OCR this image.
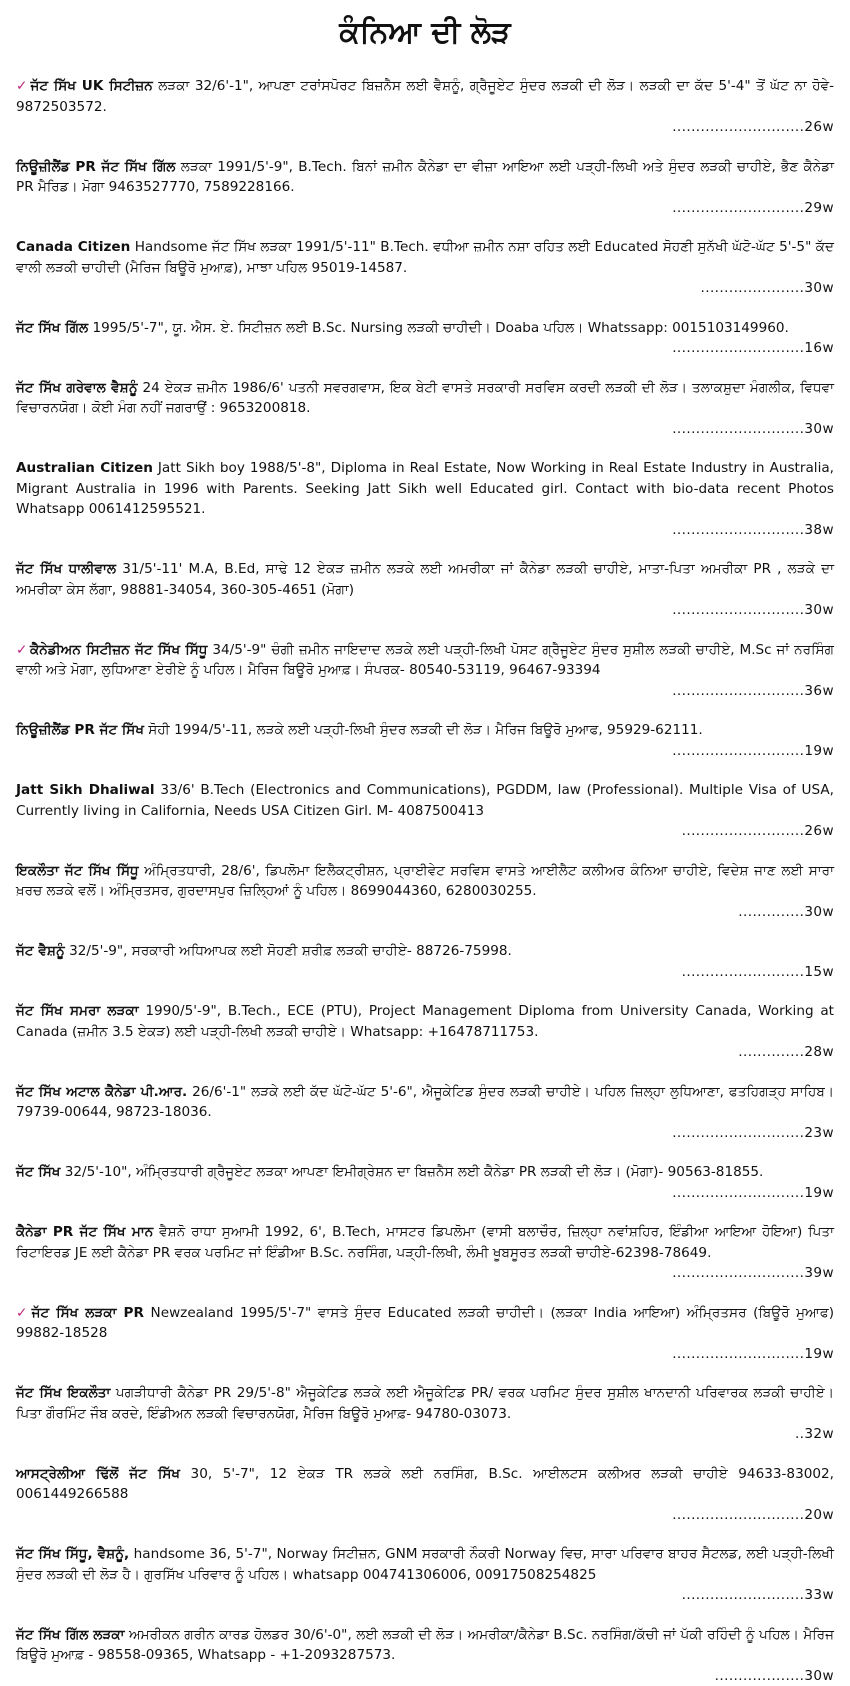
ਕੰਨਿਆ ਦੀ ਲੋੜ
✓ ਜੱਟ ਸਿੱਖ UK ਸਿਟੀਜ਼ਨ ਲੜਕਾ 32/6'-1", ਆਪਣਾ ਟਰਾਂਸਪੋਰਟ ਬਿਜ਼ਨੈਸ ਲਈ ਵੈਸ਼ਨੂੰ, ਗ੍ਰੈਜੂਏਟ ਸੁੰਦਰ ਲੜਕੀ ਦੀ ਲੋੜ। ਲੜਕੀ ਦਾ ਕੱਦ 5'-4" ਤੋਂ ਘੱਟ ਨਾ ਹੋਵੇ- 9872503572.
............................26w
ਨਿਊਜ਼ੀਲੈਂਡ PR ਜੱਟ ਸਿੱਖ ਗਿੱਲ ਲੜਕਾ 1991/5'-9", B.Tech. ਬਿਨਾਂ ਜ਼ਮੀਨ ਕੈਨੇਡਾ ਦਾ ਵੀਜ਼ਾ ਆਇਆ ਲਈ ਪੜ੍ਹੀ-ਲਿਖੀ ਅਤੇ ਸੁੰਦਰ ਲੜਕੀ ਚਾਹੀਏ, ਭੈਣ ਕੈਨੇਡਾ PR ਮੈਰਿਡ। ਮੋਗਾ 9463527770, 7589228166.
............................29w
Canada Citizen Handsome ਜੱਟ ਸਿੱਖ ਲੜਕਾ 1991/5'-11" B.Tech. ਵਧੀਆ ਜ਼ਮੀਨ ਨਸ਼ਾ ਰਹਿਤ ਲਈ Educated ਸੋਹਣੀ ਸੁਨੱਖੀ ਘੱਟੋ-ਘੱਟ 5'-5" ਕੱਦ ਵਾਲੀ ਲੜਕੀ ਚਾਹੀਦੀ (ਮੈਰਿਜ ਬਿਊਰੋ ਮੁਆਫ਼), ਮਾਝਾ ਪਹਿਲ 95019-14587.
......................30w
ਜੱਟ ਸਿੱਖ ਗਿੱਲ 1995/5'-7", ਯੂ. ਐਸ. ਏ. ਸਿਟੀਜ਼ਨ ਲਈ B.Sc. Nursing ਲੜਕੀ ਚਾਹੀਦੀ। Doaba ਪਹਿਲ। Whatssapp: 0015103149960.
............................16w
ਜੱਟ ਸਿੱਖ ਗਰੇਵਾਲ ਵੈਸ਼ਨੂੰ 24 ਏਕੜ ਜ਼ਮੀਨ 1986/6' ਪਤਨੀ ਸਵਰਗਵਾਸ, ਇਕ ਬੇਟੀ ਵਾਸਤੇ ਸਰਕਾਰੀ ਸਰਵਿਸ ਕਰਦੀ ਲੜਕੀ ਦੀ ਲੋੜ। ਤਲਾਕਸ਼ੁਦਾ ਮੰਗਲੀਕ, ਵਿਧਵਾ ਵਿਚਾਰਨਯੋਗ। ਕੋਈ ਮੰਗ ਨਹੀਂ ਜਗਰਾਉਂ : 9653200818.
............................30w
Australian Citizen Jatt Sikh boy 1988/5'-8", Diploma in Real Estate, Now Working in Real Estate Industry in Australia, Migrant Australia in 1996 with Parents. Seeking Jatt Sikh well Educated girl. Contact with bio-data recent Photos Whatsapp 0061412595521.
............................38w
ਜੱਟ ਸਿੱਖ ਧਾਲੀਵਾਲ 31/5'-11' M.A, B.Ed, ਸਾਢੇ 12 ਏਕੜ ਜ਼ਮੀਨ ਲੜਕੇ ਲਈ ਅਮਰੀਕਾ ਜਾਂ ਕੈਨੇਡਾ ਲੜਕੀ ਚਾਹੀਏ, ਮਾਤਾ-ਪਿਤਾ ਅਮਰੀਕਾ PR , ਲੜਕੇ ਦਾ ਅਮਰੀਕਾ ਕੇਸ ਲੱਗਾ, 98881-34054, 360-305-4651 (ਮੋਗਾ)
............................30w
✓ ਕੈਨੇਡੀਅਨ ਸਿਟੀਜ਼ਨ ਜੱਟ ਸਿੱਖ ਸਿੱਧੂ 34/5'-9" ਚੰਗੀ ਜ਼ਮੀਨ ਜਾਇਦਾਦ ਲੜਕੇ ਲਈ ਪੜ੍ਹੀ-ਲਿਖੀ ਪੋਸਟ ਗ੍ਰੈਜੂਏਟ ਸੁੰਦਰ ਸੁਸ਼ੀਲ ਲੜਕੀ ਚਾਹੀਏ, M.Sc ਜਾਂ ਨਰਸਿੰਗ ਵਾਲੀ ਅਤੇ ਮੋਗਾ, ਲੁਧਿਆਣਾ ਏਰੀਏ ਨੂੰ ਪਹਿਲ। ਮੈਰਿਜ ਬਿਊਰੋ ਮੁਆਫ਼। ਸੰਪਰਕ- 80540-53119, 96467-93394
............................36w
ਨਿਊਜ਼ੀਲੈਂਡ PR ਜੱਟ ਸਿੱਖ ਸੋਹੀ 1994/5'-11, ਲੜਕੇ ਲਈ ਪੜ੍ਹੀ-ਲਿਖੀ ਸੁੰਦਰ ਲੜਕੀ ਦੀ ਲੋੜ। ਮੈਰਿਜ ਬਿਊਰੋ ਮੁਆਫ, 95929-62111.
............................19w
Jatt Sikh Dhaliwal 33/6' B.Tech (Electronics and Communications), PGDDM, law (Professional). Multiple Visa of USA, Currently living in California, Needs USA Citizen Girl. M- 4087500413
..........................26w
ਇਕਲੌਤਾ ਜੱਟ ਸਿੱਖ ਸਿੱਧੂ ਅੰਮ੍ਰਿਤਧਾਰੀ, 28/6', ਡਿਪਲੋਮਾ ਇਲੈਕਟ੍ਰੀਸ਼ਨ, ਪ੍ਰਾਈਵੇਟ ਸਰਵਿਸ ਵਾਸਤੇ ਆਈਲੈਟ ਕਲੀਅਰ ਕੰਨਿਆ ਚਾਹੀਏ, ਵਿਦੇਸ਼ ਜਾਣ ਲਈ ਸਾਰਾ ਖ਼ਰਚ ਲੜਕੇ ਵਲੋਂ। ਅੰਮ੍ਰਿਤਸਰ, ਗੁਰਦਾਸਪੁਰ ਜ਼ਿਲ੍ਹਿਆਂ ਨੂੰ ਪਹਿਲ। 8699044360, 6280030255.
..............30w
ਜੱਟ ਵੈਸ਼ਨੂੰ 32/5'-9", ਸਰਕਾਰੀ ਅਧਿਆਪਕ ਲਈ ਸੋਹਣੀ ਸ਼ਰੀਫ਼ ਲੜਕੀ ਚਾਹੀਏ- 88726-75998.
..........................15w
ਜੱਟ ਸਿੱਖ ਸਮਰਾ ਲੜਕਾ 1990/5'-9", B.Tech., ECE (PTU), Project Management Diploma from University Canada, Working at Canada (ਜ਼ਮੀਨ 3.5 ਏਕੜ) ਲਈ ਪੜ੍ਹੀ-ਲਿਖੀ ਲੜਕੀ ਚਾਹੀਏ। Whatsapp: +16478711753.
..............28w
ਜੱਟ ਸਿੱਖ ਅਟਾਲ ਕੈਨੇਡਾ ਪੀ.ਆਰ. 26/6'-1" ਲੜਕੇ ਲਈ ਕੱਦ ਘੱਟੋ-ਘੱਟ 5'-6", ਐਜੂਕੇਟਿਡ ਸੁੰਦਰ ਲੜਕੀ ਚਾਹੀਏ। ਪਹਿਲ ਜ਼ਿਲ੍ਹਾ ਲੁਧਿਆਣਾ, ਫਤਹਿਗੜ੍ਹ ਸਾਹਿਬ। 79739-00644, 98723-18036.
............................23w
ਜੱਟ ਸਿੱਖ 32/5'-10", ਅੰਮ੍ਰਿਤਧਾਰੀ ਗ੍ਰੈਜੂਏਟ ਲੜਕਾ ਆਪਣਾ ਇਮੀਗ੍ਰੇਸ਼ਨ ਦਾ ਬਿਜ਼ਨੈਸ ਲਈ ਕੈਨੇਡਾ PR ਲੜਕੀ ਦੀ ਲੋੜ। (ਮੋਗਾ)- 90563-81855.
............................19w
ਕੈਨੇਡਾ PR ਜੱਟ ਸਿੱਖ ਮਾਨ ਵੈਸ਼ਨੋ ਰਾਧਾ ਸੁਆਮੀ 1992, 6', B.Tech, ਮਾਸਟਰ ਡਿਪਲੋਮਾ (ਵਾਸੀ ਬਲਾਚੌਰ, ਜ਼ਿਲ੍ਹਾ ਨਵਾਂਸ਼ਹਿਰ, ਇੰਡੀਆ ਆਇਆ ਹੋਇਆ) ਪਿਤਾ ਰਿਟਾਇਰਡ JE ਲਈ ਕੈਨੇਡਾ PR ਵਰਕ ਪਰਮਿਟ ਜਾਂ ਇੰਡੀਆ B.Sc. ਨਰਸਿੰਗ, ਪੜ੍ਹੀ-ਲਿਖੀ, ਲੰਮੀ ਖੂਬਸੂਰਤ ਲੜਕੀ ਚਾਹੀਏ-62398-78649.
............................39w
✓ ਜੱਟ ਸਿੱਖ ਲੜਕਾ PR Newzealand 1995/5'-7" ਵਾਸਤੇ ਸੁੰਦਰ Educated ਲੜਕੀ ਚਾਹੀਦੀ। (ਲੜਕਾ India ਆਇਆ) ਅੰਮ੍ਰਿਤਸਰ (ਬਿਊਰੋ ਮੁਆਫ) 99882-18528
............................19w
ਜੱਟ ਸਿੱਖ ਇਕਲੌਤਾ ਪਗੜੀਧਾਰੀ ਕੈਨੇਡਾ PR 29/5'-8" ਐਜੂਕੇਟਿਡ ਲੜਕੇ ਲਈ ਐਜੂਕੇਟਿਡ PR/ ਵਰਕ ਪਰਮਿਟ ਸੁੰਦਰ ਸੁਸ਼ੀਲ ਖਾਨਦਾਨੀ ਪਰਿਵਾਰਕ ਲੜਕੀ ਚਾਹੀਏ। ਪਿਤਾ ਗੌਰਮਿੰਟ ਜੌਬ ਕਰਦੇ, ਇੰਡੀਅਨ ਲੜਕੀ ਵਿਚਾਰਨਯੋਗ, ਮੈਰਿਜ ਬਿਊਰੋ ਮੁਆਫ਼- 94780-03073.
..32w
ਆਸਟ੍ਰੇਲੀਆ ਢਿੱਲੋਂ ਜੱਟ ਸਿੱਖ 30, 5'-7", 12 ਏਕੜ TR ਲੜਕੇ ਲਈ ਨਰਸਿੰਗ, B.Sc. ਆਈਲਟਸ ਕਲੀਅਰ ਲੜਕੀ ਚਾਹੀਏ 94633-83002, 0061449266588
............................20w
ਜੱਟ ਸਿੱਖ ਸਿੱਧੂ, ਵੈਸ਼ਨੂੰ, handsome 36, 5'-7", Norway ਸਿਟੀਜ਼ਨ, GNM ਸਰਕਾਰੀ ਨੌਕਰੀ Norway ਵਿਚ, ਸਾਰਾ ਪਰਿਵਾਰ ਬਾਹਰ ਸੈਟਲਡ, ਲਈ ਪੜ੍ਹੀ-ਲਿਖੀ ਸੁੰਦਰ ਲੜਕੀ ਦੀ ਲੋੜ ਹੈ। ਗੁਰਸਿੱਖ ਪਰਿਵਾਰ ਨੂੰ ਪਹਿਲ। whatsapp 004741306006, 00917508254825
..........................33w
ਜੱਟ ਸਿੱਖ ਗਿੱਲ ਲੜਕਾ ਅਮਰੀਕਨ ਗਰੀਨ ਕਾਰਡ ਹੋਲਡਰ 30/6'-0", ਲਈ ਲੜਕੀ ਦੀ ਲੋੜ। ਅਮਰੀਕਾ/ਕੈਨੇਡਾ B.Sc. ਨਰਸਿੰਗ/ਕੱਚੀ ਜਾਂ ਪੱਕੀ ਰਹਿੰਦੀ ਨੂੰ ਪਹਿਲ। ਮੈਰਿਜ ਬਿਊਰੋ ਮੁਆਫ਼ - 98558-09365, Whatsapp - +1-2093287573.
...................30w
